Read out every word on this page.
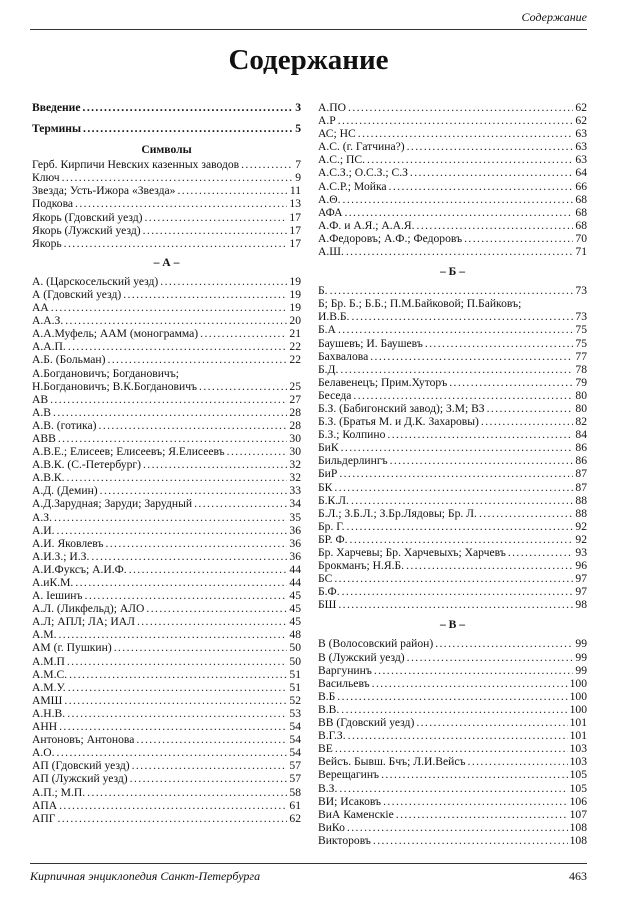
Содержание
Содержание
Введение .....	3
Термины .....	5
Символы
Герб. Кирпичи Невских казенных заводов .....	7
Ключ .....	9
Звезда; Усть-Ижора «Звезда» .....	11
Подкова .....	13
Якорь (Гдовский уезд) .....	17
Якорь (Лужский уезд) .....	17
Якорь .....	17
– А –
А. (Царскосельский уезд) .....	19
А (Гдовский уезд) .....	19
АА .....	19
А.А.З. .....	20
А.А.Муфель; ААМ (монограмма) .....	21
А.А.П. .....	22
А.Б. (Больман) .....	22
А.Богдановичъ; Богдановичъ;
Н.Богдановичъ; В.К.Богдановичъ .....	25
АВ .....	27
А.В .....	28
А.В. (готика) .....	28
АВВ .....	30
А.В.Е.; Елисеев; Елисеевъ; Я.Елисеевъ .....	30
А.В.К. (С.-Петербург) .....	32
А.В.К. .....	32
А.Д. (Демин) .....	33
А.Д.Зарудная; Заруди; Зарудный .....	34
А.З. .....	35
А.И. .....	36
А.И. Яковлевъ .....	36
А.И.З.; И.З. .....	36
А.И.Фуксъ; А.И.Ф. .....	44
А.иК.М. .....	44
А. Іешинъ .....	45
А.Л. (Ликфельд); АЛО .....	45
А.Л; АПЛ; ЛА; ИАЛ .....	45
А.М. .....	48
АМ (г. Пушкин) .....	50
А.М.П .....	50
А.М.С. .....	51
А.М.У. .....	51
АМШ .....	52
А.Н.В. .....	53
АНН .....	54
Антоновъ; Антонова .....	54
А.О. .....	54
АП (Гдовский уезд) .....	57
АП (Лужский уезд) .....	57
А.П.; М.П. .....	58
АПА .....	61
АПГ .....	62
А.ПО .....	62
А.Р .....	62
АС; НС .....	63
А.С. (г. Гатчина?) .....	63
А.С.; ПС. .....	63
А.С.З.; О.С.З.; С.З .....	64
А.С.Р.; Мойка .....	66
А.Θ. .....	68
АФА .....	68
А.Ф. и А.Я.; А.А.Я. .....	68
А.Федоровъ; А.Ф.; Федоровъ .....	70
А.Ш. .....	71
– Б –
Б. .....	73
Б; Бр. Б.; Б.Б.; П.М.Байковой; П.Байковъ;
И.В.Б. .....	73
Б.А .....	75
Баушевъ; И. Баушевъ .....	75
Бахвалова .....	77
Б.Д. .....	78
Белавенецъ; Прим.Хуторъ .....	79
Беседа .....	80
Б.З. (Бабигонский завод); З.М; ВЗ .....	80
Б.З. (Братья М. и Д.К. Захаровы) .....	82
Б.З.; Колпино .....	84
БиК .....	86
Бильдерлингъ .....	86
БиР .....	87
БК .....	87
Б.К.Л. .....	88
Б.Л.; З.Б.Л.; З.Бр.Лядовы; Бр. Л. .....	88
Бр. Г. .....	92
БР. Ф. .....	92
Бр. Харчевы; Бр. Харчевыхъ; Харчевъ .....	93
Брокманъ; Н.Я.Б. .....	96
БС .....	97
Б.Ф. .....	97
БШ .....	98
– В –
В (Волосовский район) .....	99
В (Лужский уезд) .....	99
Варгунинъ .....	99
Васильевъ .....	100
В.Б .....	100
В.В. .....	100
ВВ (Гдовский уезд) .....	101
В.Г.З. .....	101
ВЕ .....	103
Вейсъ. Бывш. Бчъ; Л.И.Вейсъ .....	103
Верещагинъ .....	105
В.З. .....	105
ВИ; Исаковъ .....	106
ВиА Каменскіе .....	107
ВиКо .....	108
Викторовъ .....	108
Кирпичная энциклопедия Санкт-Петербурга	463
